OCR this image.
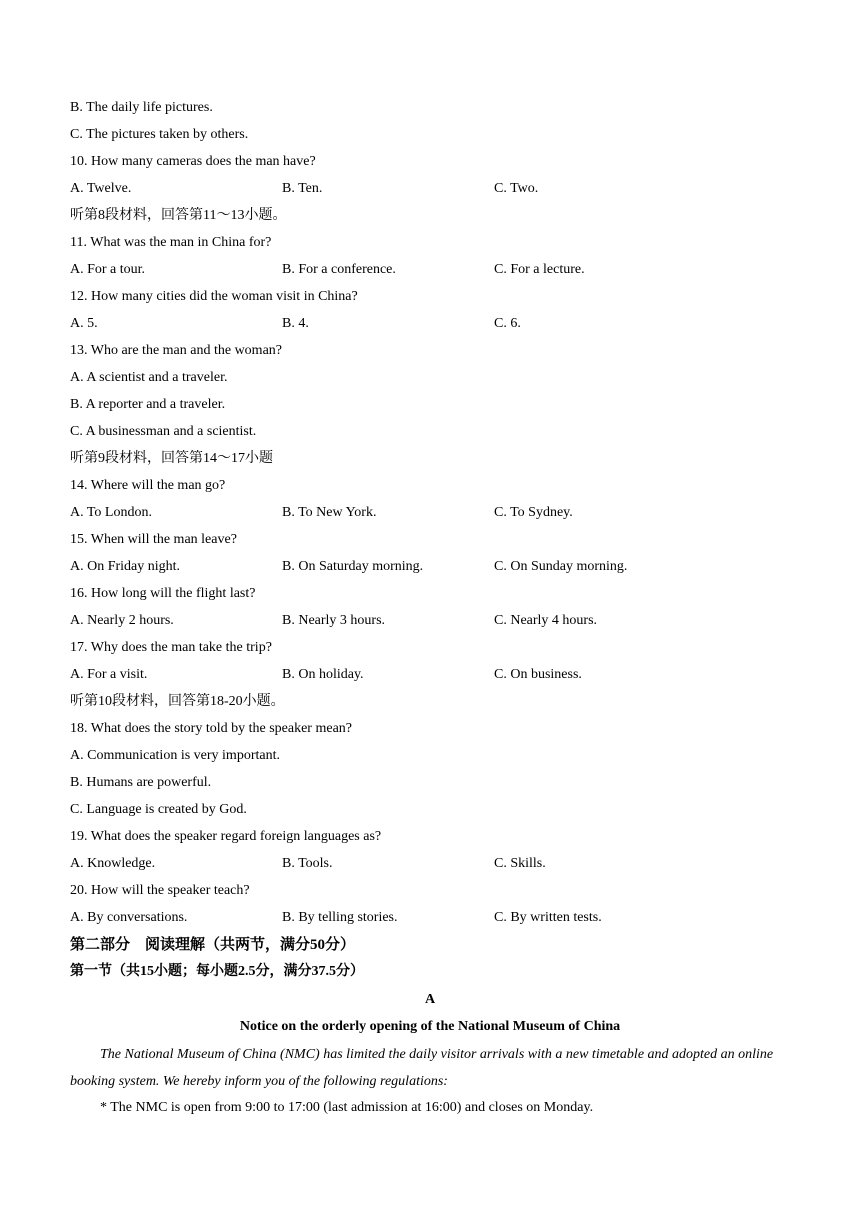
B. The daily life pictures.
C. The pictures taken by others.
10. How many cameras does the man have?
A. Twelve.	B. Ten.	C. Two.
听第8段材料，回答第11～13小题。
11. What was the man in China for?
A. For a tour.	B. For a conference.	C. For a lecture.
12. How many cities did the woman visit in China?
A. 5.	B. 4.	C. 6.
13. Who are the man and the woman?
A. A scientist and a traveler.
B. A reporter and a traveler.
C. A businessman and a scientist.
听第9段材料，回答第14～17小题
14. Where will the man go?
A. To London.	B. To New York.	C. To Sydney.
15. When will the man leave?
A. On Friday night.	B. On Saturday morning.	C. On Sunday morning.
16. How long will the flight last?
A. Nearly 2 hours.	B. Nearly 3 hours.	C. Nearly 4 hours.
17. Why does the man take the trip?
A. For a visit.	B. On holiday.	C. On business.
听第10段材料，回答第18-20小题。
18. What does the story told by the speaker mean?
A. Communication is very important.
B. Humans are powerful.
C. Language is created by God.
19. What does the speaker regard foreign languages as?
A. Knowledge.	B. Tools.	C. Skills.
20. How will the speaker teach?
A. By conversations.	B. By telling stories.	C. By written tests.
第二部分　阅读理解（共两节，满分50分）
第一节（共15小题；每小题2.5分，满分37.5分）
A
Notice on the orderly opening of the National Museum of China
The National Museum of China (NMC) has limited the daily visitor arrivals with a new timetable and adopted an online booking system. We hereby inform you of the following regulations:
* The NMC is open from 9:00 to 17:00 (last admission at 16:00) and closes on Monday.
